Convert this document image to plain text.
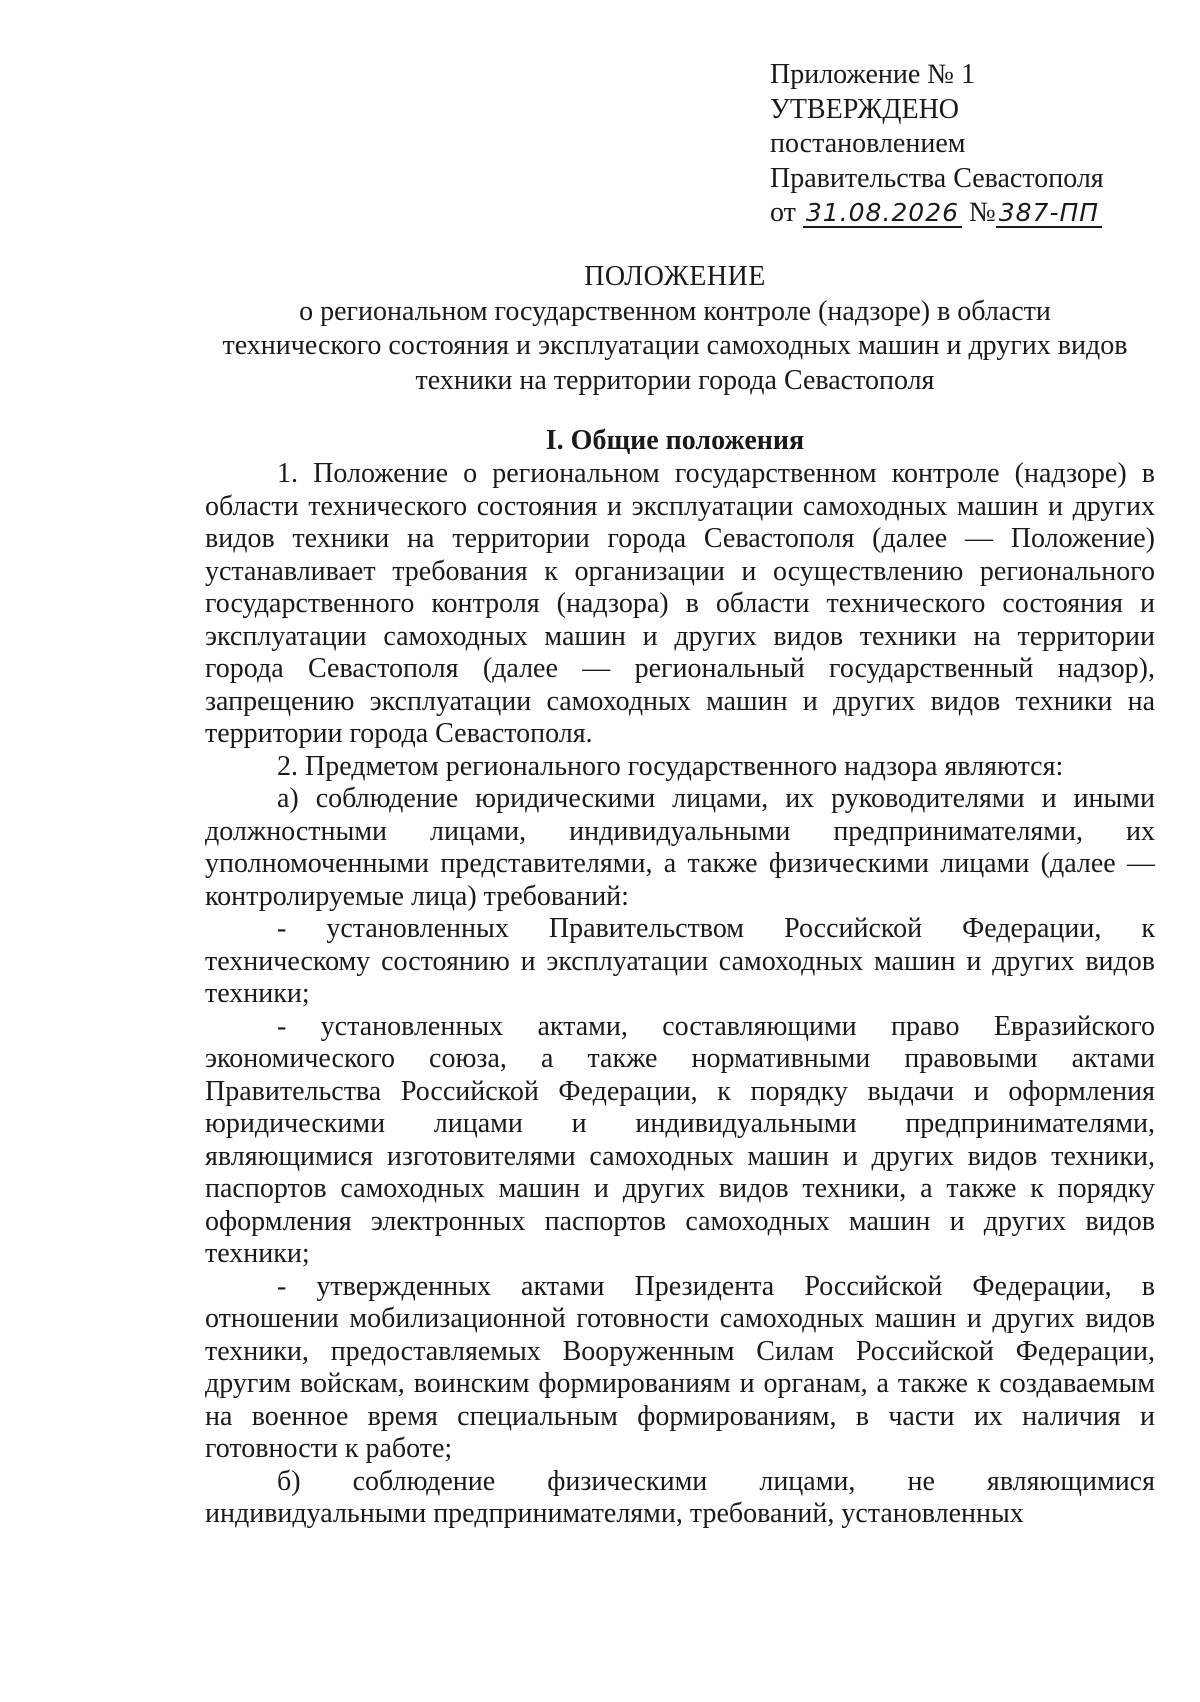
Приложение № 1
УТВЕРЖДЕНО
постановлением
Правительства Севастополя
от 31.08.2026 № 387-ПП
ПОЛОЖЕНИЕ
о региональном государственном контроле (надзоре) в области
технического состояния и эксплуатации самоходных машин и других видов
техники на территории города Севастополя
I. Общие положения

1. Положение о региональном государственном контроле (надзоре) в области технического состояния и эксплуатации самоходных машин и других видов техники на территории города Севастополя (далее — Положение) устанавливает требования к организации и осуществлению регионального государственного контроля (надзора) в области технического состояния и эксплуатации самоходных машин и других видов техники на территории города Севастополя (далее — региональный государственный надзор), запрещению эксплуатации самоходных машин и других видов техники на территории города Севастополя.

2. Предметом регионального государственного надзора являются:

а) соблюдение юридическими лицами, их руководителями и иными должностными лицами, индивидуальными предпринимателями, их уполномоченными представителями, а также физическими лицами (далее — контролируемые лица) требований:

- установленных Правительством Российской Федерации, к техническому состоянию и эксплуатации самоходных машин и других видов техники;

- установленных актами, составляющими право Евразийского экономического союза, а также нормативными правовыми актами Правительства Российской Федерации, к порядку выдачи и оформления юридическими лицами и индивидуальными предпринимателями, являющимися изготовителями самоходных машин и других видов техники, паспортов самоходных машин и других видов техники, а также к порядку оформления электронных паспортов самоходных машин и других видов техники;

- утвержденных актами Президента Российской Федерации, в отношении мобилизационной готовности самоходных машин и других видов техники, предоставляемых Вооруженным Силам Российской Федерации, другим войскам, воинским формированиям и органам, а также к создаваемым на военное время специальным формированиям, в части их наличия и готовности к работе;

б) соблюдение физическими лицами, не являющимися индивидуальными предпринимателями, требований, установленных
